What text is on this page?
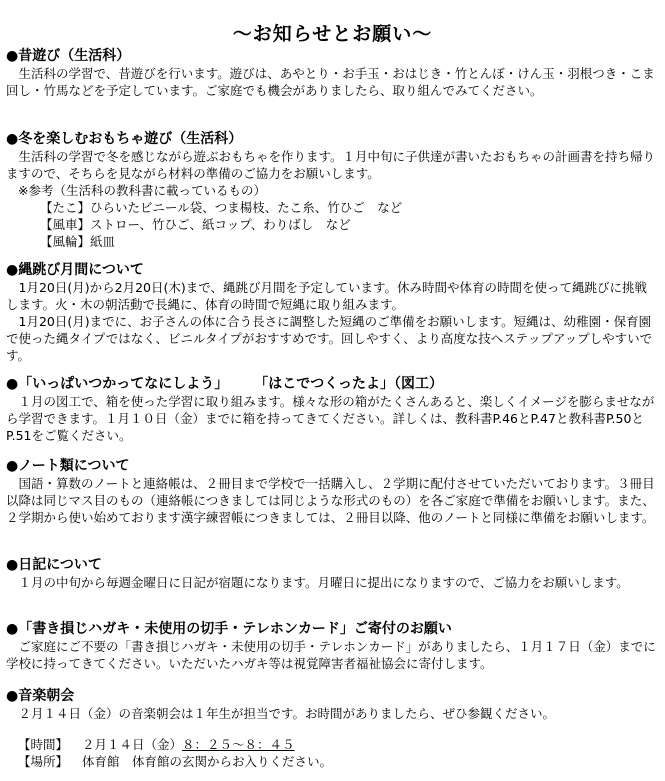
～お知らせとお願い～
●昔遊び（生活科）

生活科の学習で、昔遊びを行います。遊びは、あやとり・お手玉・おはじき・竹とんぼ・けん玉・羽根つき・こま回し・竹馬などを予定しています。ご家庭でも機会がありましたら、取り組んでみてください。

●冬を楽しむおもちゃ遊び（生活科）

生活科の学習で冬を感じながら遊ぶおもちゃを作ります。１月中旬に子供達が書いたおもちゃの計画書を持ち帰りますので、そちらを見ながら材料の準備のご協力をお願いします。

※参考（生活科の教科書に載っているもの）
【たこ】ひらいたビニール袋、つま楊枝、たこ糸、竹ひご　など
【風車】ストロー、竹ひご、紙コップ、わりばし　など
【風輪】紙皿
●縄跳び月間について

1月20日(月)から2月20日(木)まで、縄跳び月間を予定しています。休み時間や体育の時間を使って縄跳びに挑戦します。火・木の朝活動で長縄に、体育の時間で短縄に取り組みます。

1月20日(月)までに、お子さんの体に合う長さに調整した短縄のご準備をお願いします。短縄は、幼稚園・保育園で使った縄タイプではなく、ビニルタイプがおすすめです。回しやすく、より高度な技へステップアップしやすいです。

●「いっぱいつかってなにしよう」 「はこでつくったよ」（図工）

１月の図工で、箱を使った学習に取り組みます。様々な形の箱がたくさんあると、楽しくイメージを膨らませながら学習できます。１月１０日（金）までに箱を持ってきてください。詳しくは、教科書P.46とP.47と教科書P.50とP.51をご覧ください。

●ノート類について

国語・算数のノートと連絡帳は、２冊目まで学校で一括購入し、２学期に配付させていただいております。３冊目以降は同じマス目のもの（連絡帳につきましては同じような形式のもの）を各ご家庭で準備をお願いします。また、２学期から使い始めております漢字練習帳につきましては、２冊目以降、他のノートと同様に準備をお願いします。

●日記について

１月の中旬から毎週金曜日に日記が宿題になります。月曜日に提出になりますので、ご協力をお願いします。

●「書き損じハガキ・未使用の切手・テレホンカード」ご寄付のお願い

ご家庭にご不要の「書き損じハガキ・未使用の切手・テレホンカード」がありましたら、１月１７日（金）までに学校に持ってきてください。いただいたハガキ等は視覚障害者福祉協会に寄付します。

●音楽朝会

２月１４日（金）の音楽朝会は１年生が担当です。お時間がありましたら、ぜひ参観ください。

【時間】 ２月１４日（金）８：２５～８：４５
【場所】 体育館　体育館の玄関からお入りください。
